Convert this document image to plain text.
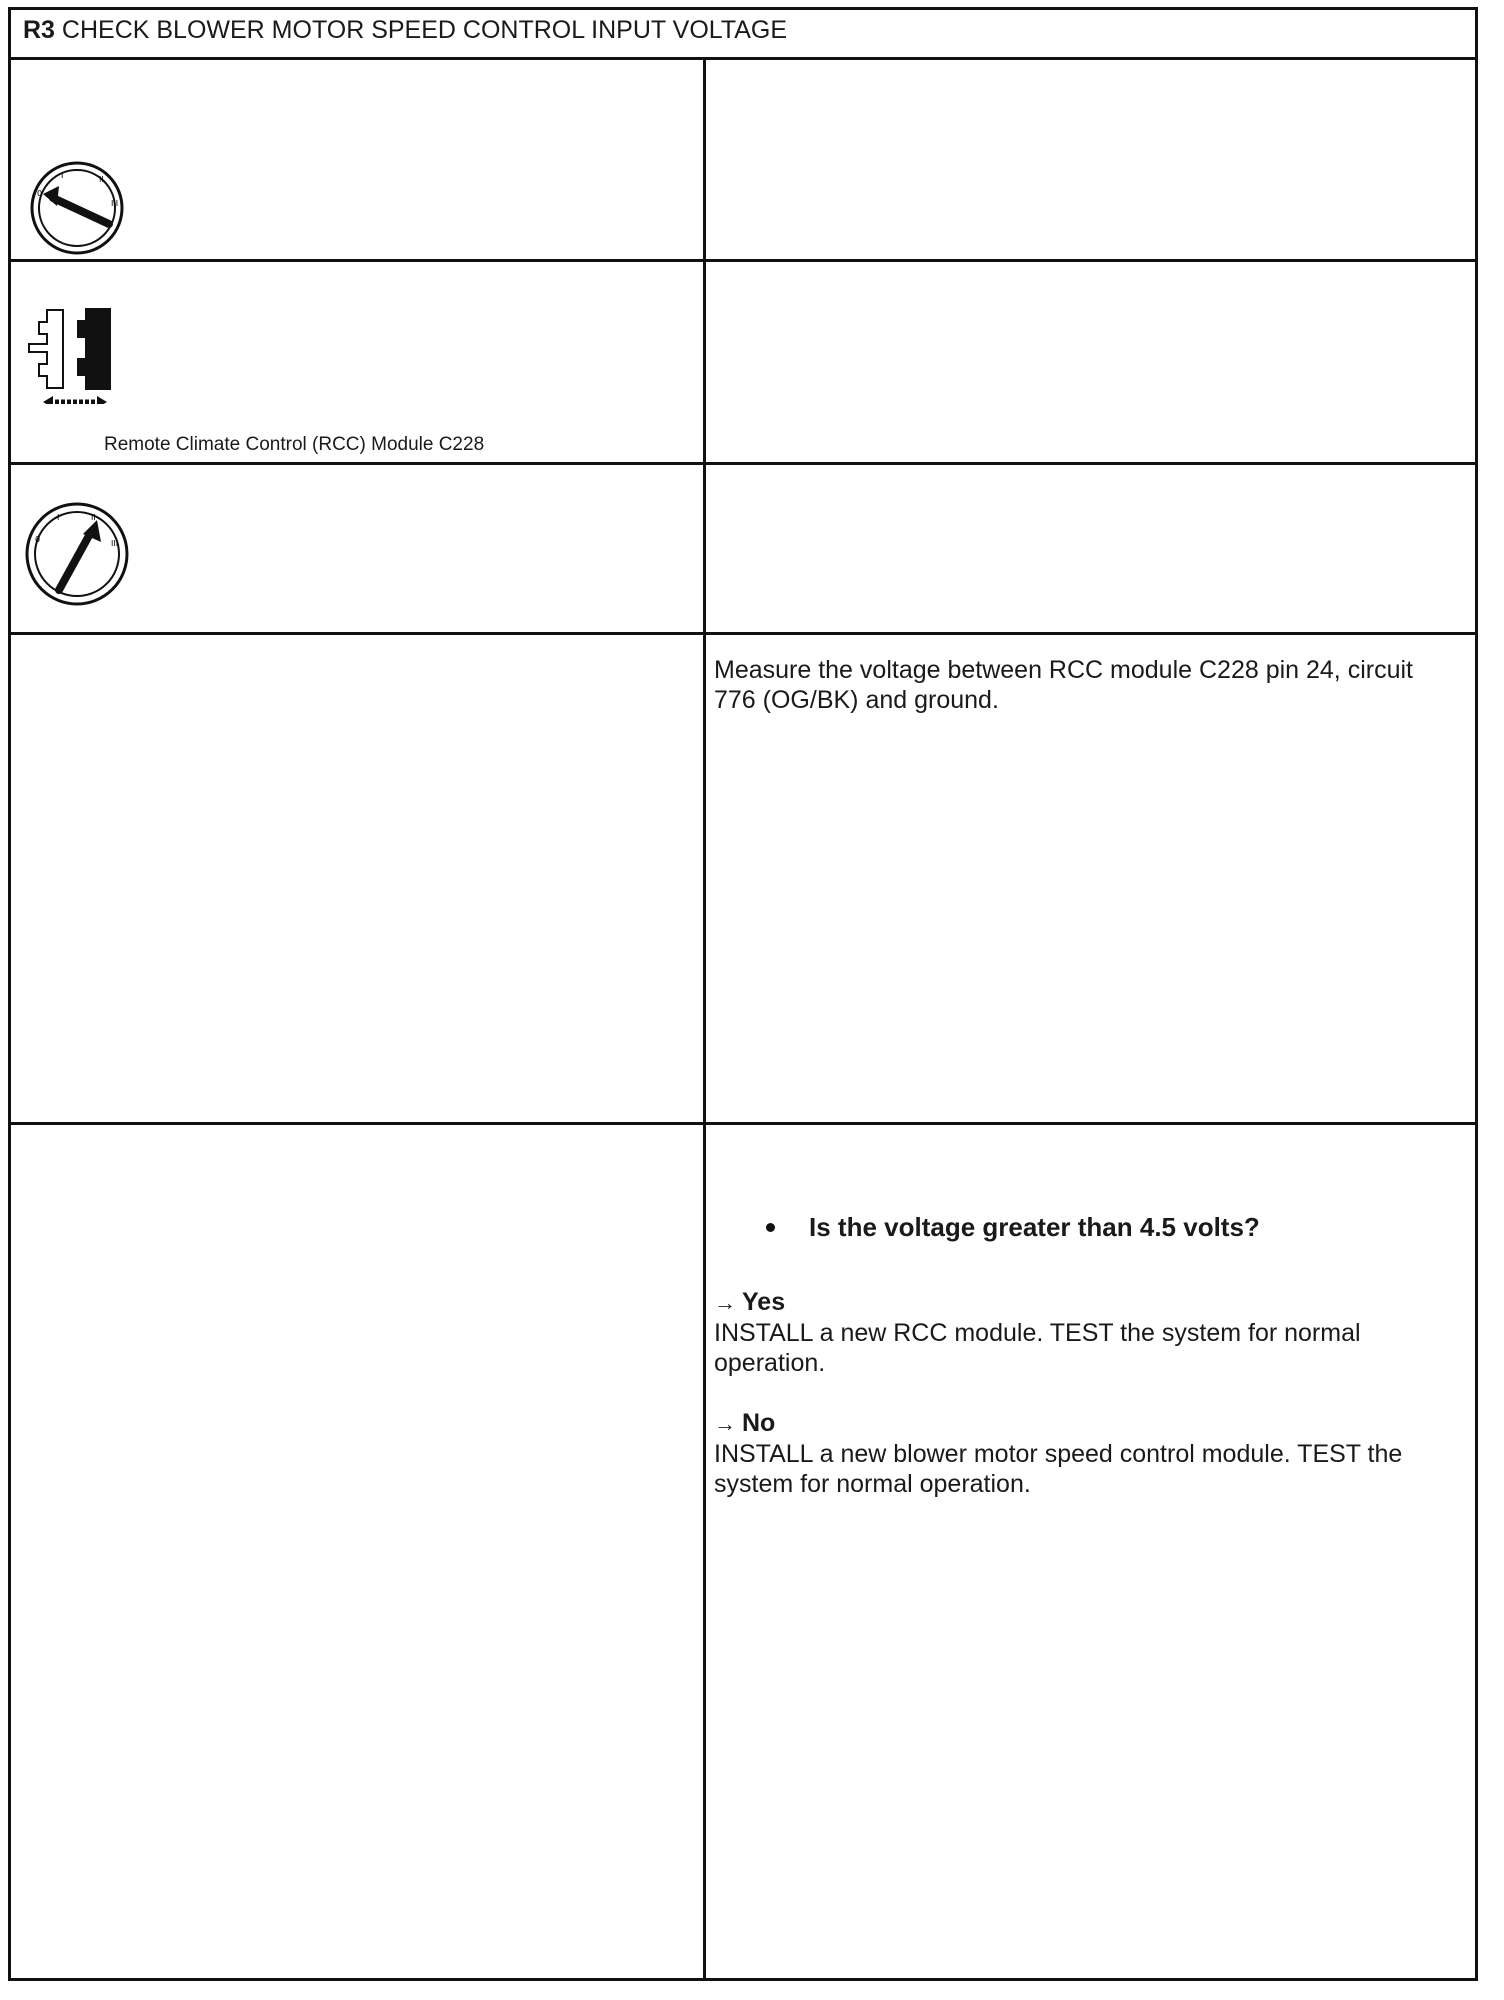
R3 CHECK BLOWER MOTOR SPEED CONTROL INPUT VOLTAGE
0
I	II
III
Remote Climate Control (RCC) Module C228
0
I	II
III
Measure the voltage between RCC module C228 pin 24, circuit 776 (OG/BK) and ground.
Is the voltage greater than 4.5 volts?
→ Yes
INSTALL a new RCC module. TEST the system for normal operation.
→ No
INSTALL a new blower motor speed control module. TEST the system for normal operation.
